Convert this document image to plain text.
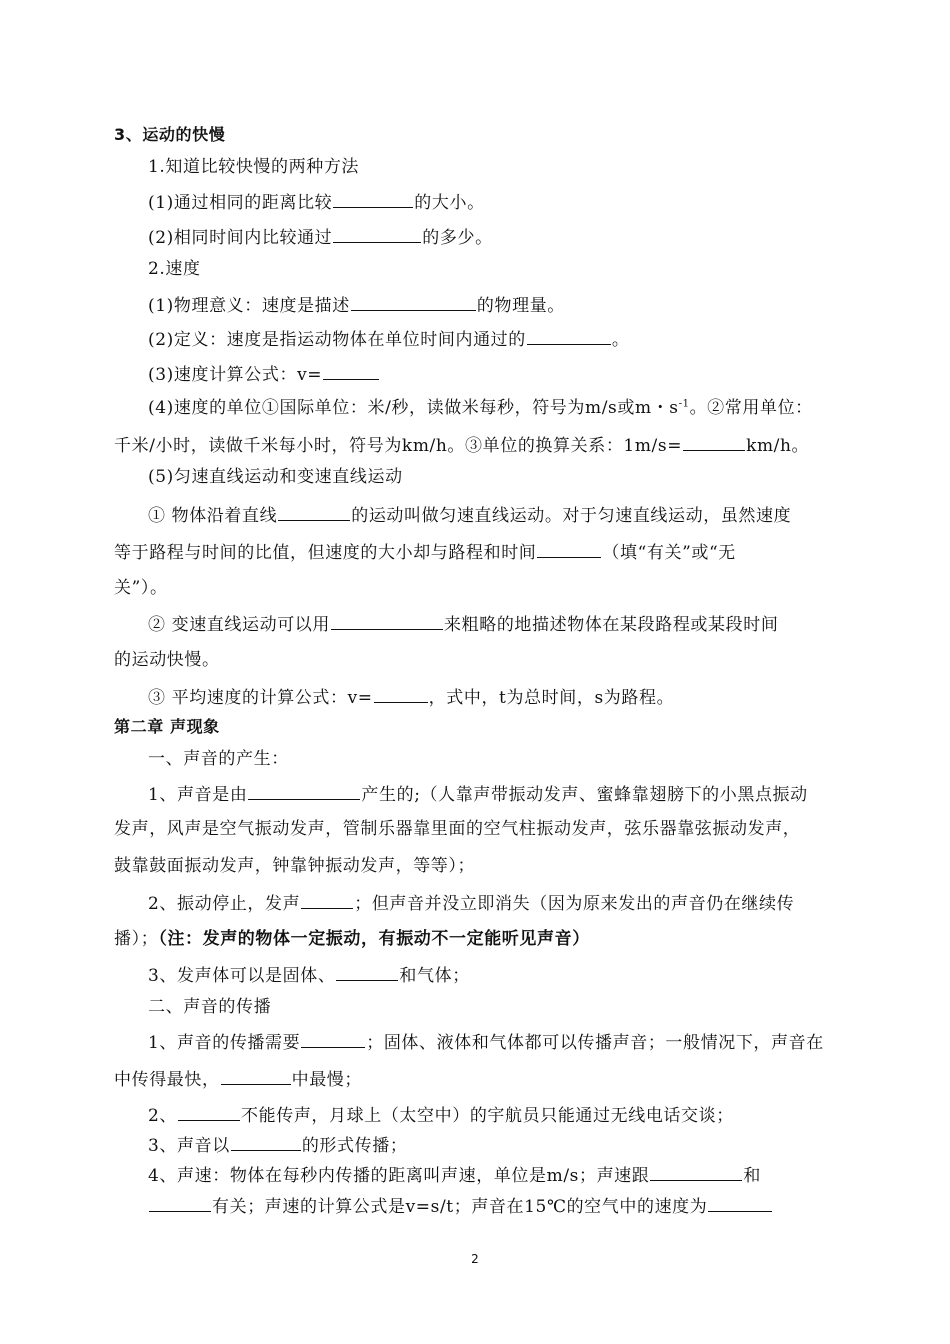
3、运动的快慢
1.知道比较快慢的两种方法
(1)通过相同的距离比较	的大小。
(2)相同时间内比较通过	的多少。
2.速度
(1)物理意义：速度是描述	的物理量。
(2)定义：速度是指运动物体在单位时间内通过的	。
(3)速度计算公式：v=
(4)速度的单位①国际单位：米/秒，读做米每秒，符号为m/s或m・$s^{-1}$。②常用单位：
千米/小时，读做千米每小时，符号为km/h。③单位的换算关系：1m/s=	km/h。
(5)匀速直线运动和变速直线运动
① 物体沿着直线	的运动叫做匀速直线运动。对于匀速直线运动，虽然速度
等于路程与时间的比值，但速度的大小却与路程和时间	（填“有关”或“无
关”）。
② 变速直线运动可以用	来粗略的地描述物体在某段路程或某段时间
的运动快慢。
③ 平均速度的计算公式：v=	，式中，t为总时间，s为路程。
第二章 声现象
一、声音的产生：
1、声音是由	产生的;（人靠声带振动发声、蜜蜂靠翅膀下的小黑点振动
发声，风声是空气振动发声，管制乐器靠里面的空气柱振动发声，弦乐器靠弦振动发声，
鼓靠鼓面振动发声，钟靠钟振动发声，等等）；
2、振动停止，发声	；但声音并没立即消失（因为原来发出的声音仍在继续传
播）；（注：发声的物体一定振动，有振动不一定能听见声音）
3、发声体可以是固体、	和气体；
二、声音的传播
1、声音的传播需要	；固体、液体和气体都可以传播声音；一般情况下，声音在
中传得最快，	中最慢；
2、	不能传声，月球上（太空中）的宇航员只能通过无线电话交谈；
3、声音以	的形式传播；
4、声速：物体在每秒内传播的距离叫声速，单位是m/s；声速跟	和
有关；声速的计算公式是v=s/t；声音在15℃的空气中的速度为
2
